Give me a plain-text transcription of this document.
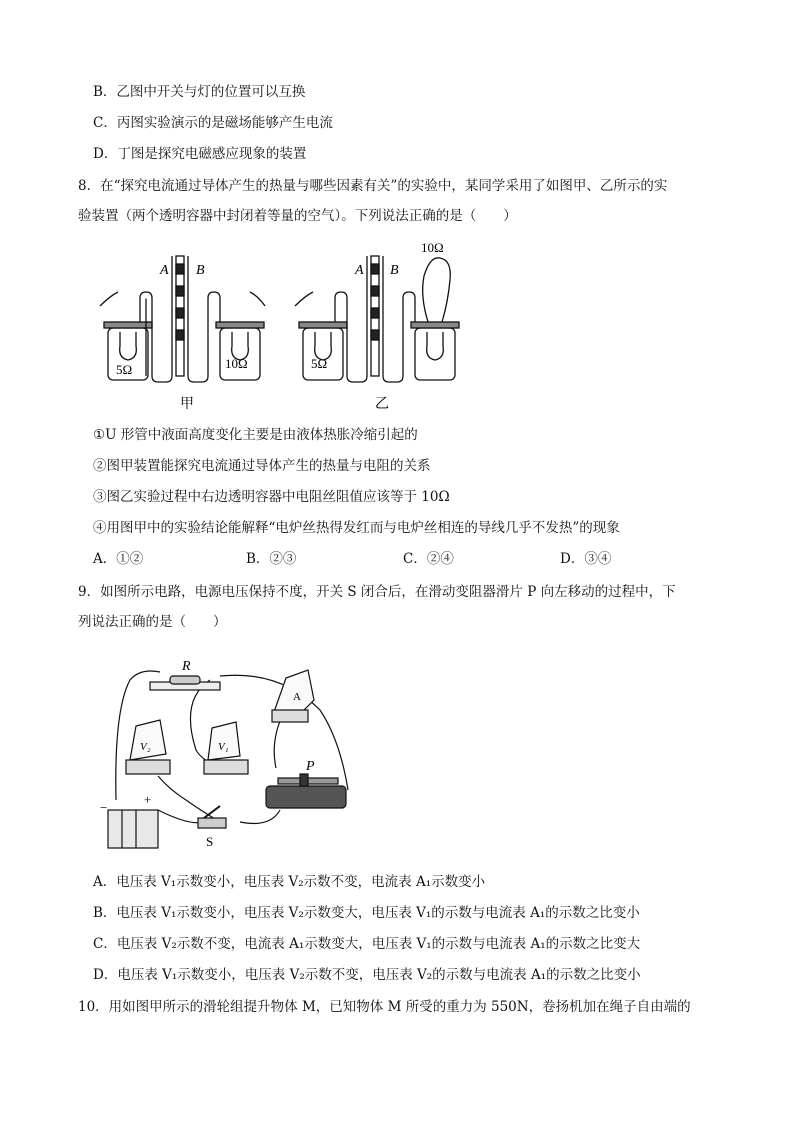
B．乙图中开关与灯的位置可以互换
C．丙图实验演示的是磁场能够产生电流
D．丁图是探究电磁感应现象的装置
8．在“探究电流通过导体产生的热量与哪些因素有关”的实验中，某同学采用了如图甲、乙所示的实
验装置（两个透明容器中封闭着等量的空气）。下列说法正确的是（　　）
A B
5Ω	10Ω
甲
A B
5Ω
10Ω
乙
①U 形管中液面高度变化主要是由液体热胀冷缩引起的
②图甲装置能探究电流通过导体产生的热量与电阻的关系
③图乙实验过程中右边透明容器中电阻丝阻值应该等于 10Ω
④用图甲中的实验结论能解释“电炉丝热得发红而与电炉丝相连的导线几乎不发热”的现象
A．①②	B．②③	C．②④	D．③④
9．如图所示电路，电源电压保持不度，开关 S 闭合后，在滑动变阻器滑片 P 向左移动的过程中，下
列说法正确的是（　　）
R
P
S
V₂	V₁
A
−
+
A．电压表 V₁示数变小，电压表 V₂示数不变，电流表 A₁示数变小
B．电压表 V₁示数变小，电压表 V₂示数变大，电压表 V₁的示数与电流表 A₁的示数之比变小
C．电压表 V₂示数不变，电流表 A₁示数变大，电压表 V₁的示数与电流表 A₁的示数之比变大
D．电压表 V₁示数变小，电压表 V₂示数不变，电压表 V₂的示数与电流表 A₁的示数之比变小
10．用如图甲所示的滑轮组提升物体 M，已知物体 M 所受的重力为 550N，卷扬机加在绳子自由端的
